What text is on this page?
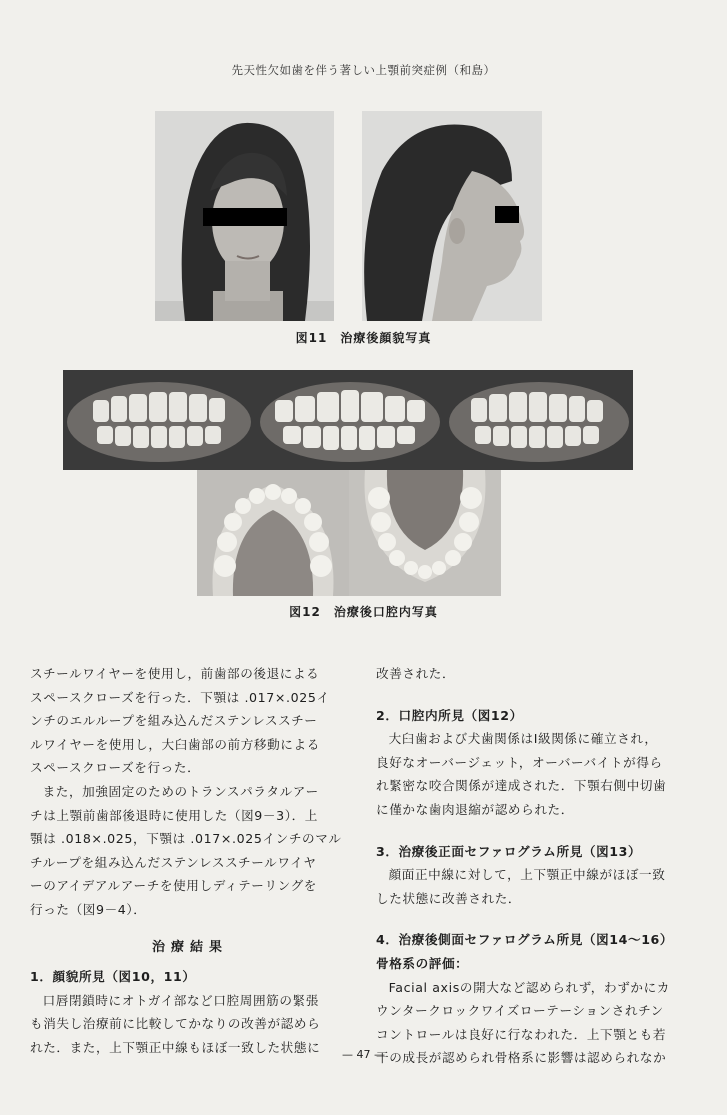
先天性欠如歯を伴う著しい上顎前突症例（和島）
図11　治療後顔貌写真
図12　治療後口腔内写真

スチールワイヤーを使用し，前歯部の後退による
スペースクローズを行った．下顎は .017×.025イ
ンチのエルループを組み込んだステンレススチー
ルワイヤーを使用し，大臼歯部の前方移動による
スペースクローズを行った．

また，加強固定のためのトランスパラタルアー
チは上顎前歯部後退時に使用した（図9－3）．上
顎は .018×.025，下顎は .017×.025インチのマル
チループを組み込んだステンレススチールワイヤ
ーのアイデアルアーチを使用しディテーリングを
行った（図9－4）．

治療結果

1．顔貌所見（図10，11）

口唇閉鎖時にオトガイ部など口腔周囲筋の緊張
も消失し治療前に比較してかなりの改善が認めら
れた．また，上下顎正中線もほぼ一致した状態に

改善された．

2．口腔内所見（図12）

大臼歯および犬歯関係はⅠ級関係に確立され，
良好なオーバージェット，オーバーバイトが得ら
れ緊密な咬合関係が達成された．下顎右側中切歯
に僅かな歯肉退縮が認められた．

3．治療後正面セファログラム所見（図13）

顔面正中線に対して，上下顎正中線がほぼ一致
した状態に改善された．

4．治療後側面セファログラム所見（図14～16）

骨格系の評価：

Facial axisの開大など認められず，わずかにカ
ウンタークロックワイズローテーションされチン
コントロールは良好に行なわれた．上下顎とも若
干の成長が認められ骨格系に影響は認められなか

— 47 —
